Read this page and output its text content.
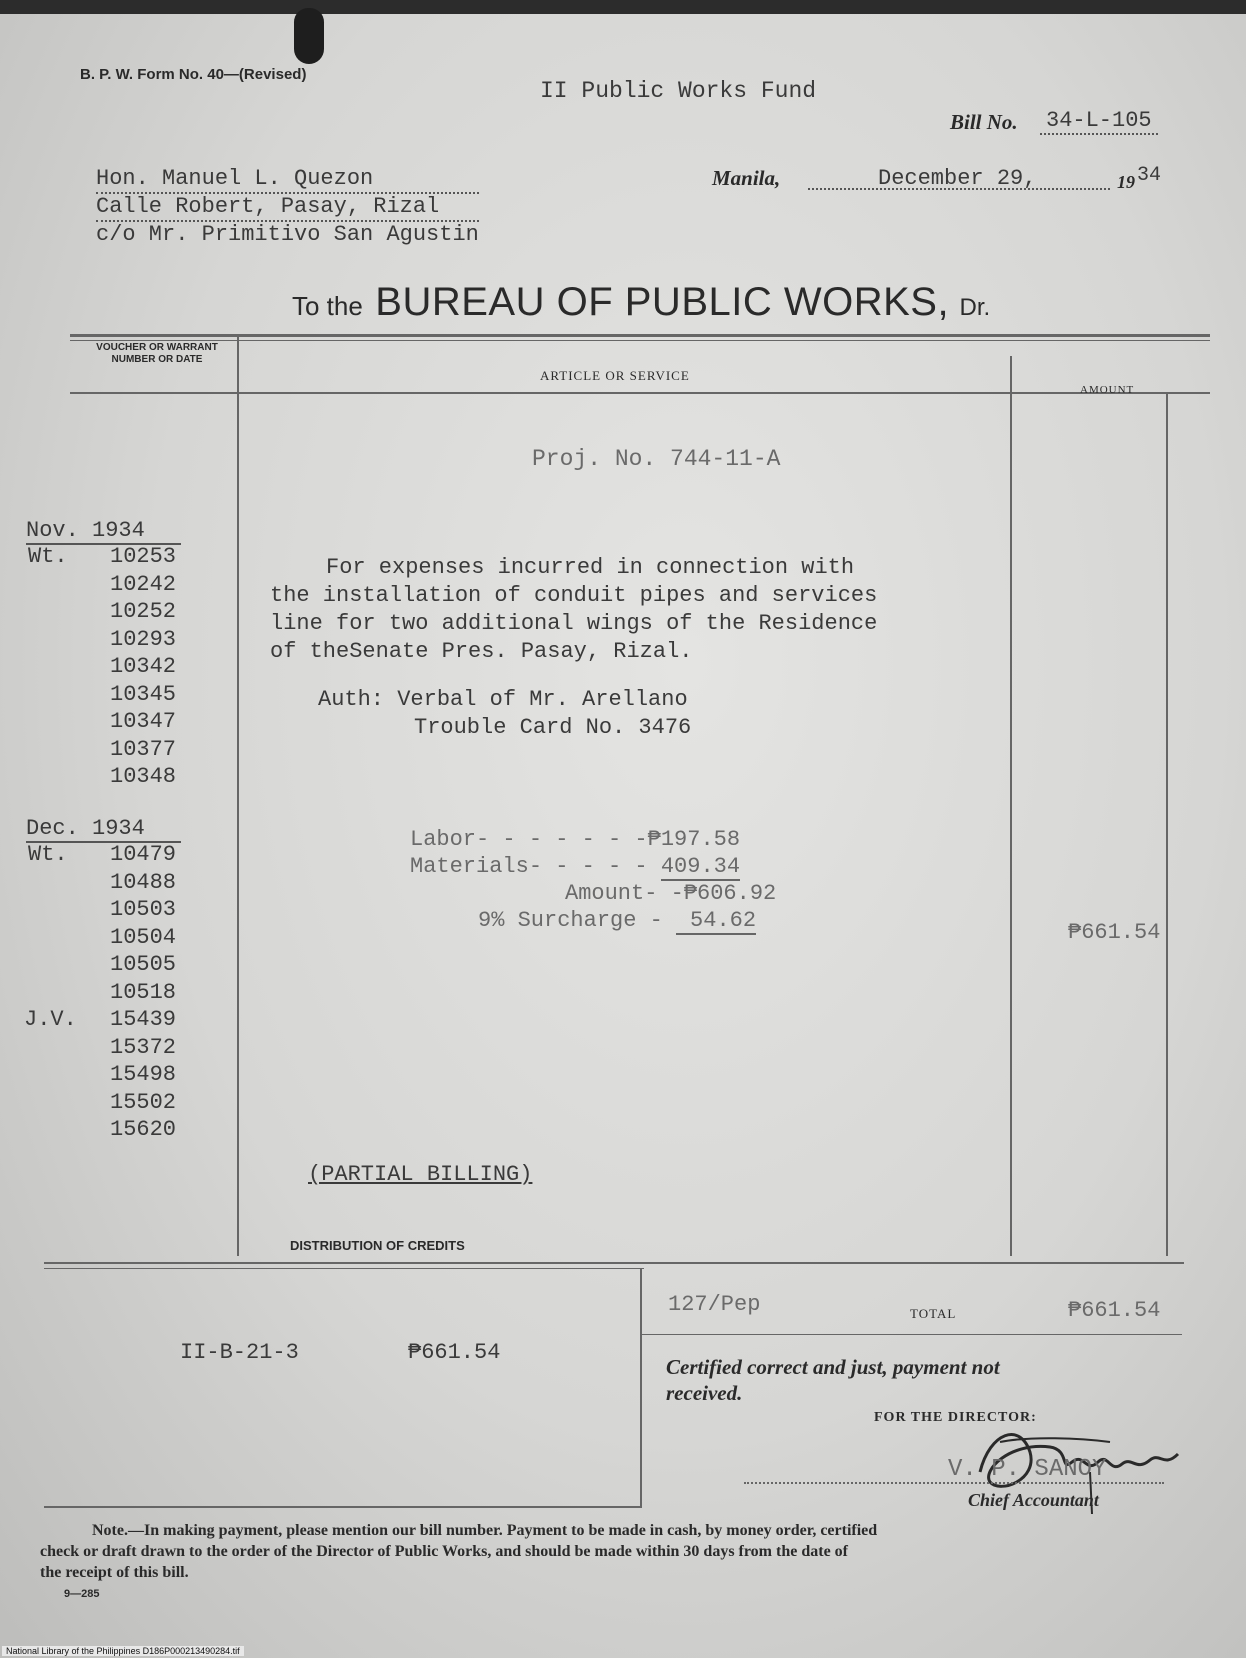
B. P. W. Form No. 40—(Revised)
II Public Works Fund
Bill No. 34-L-105
Manila,	December 29,	19 34
Hon. Manuel L. Quezon
Calle Robert, Pasay, Rizal
c/o Mr. Primitivo San Agustin
To the BUREAU OF PUBLIC WORKS, Dr.
VOUCHER OR WARRANT NUMBER OR DATE
ARTICLE OR SERVICE
AMOUNT
Proj. No. 744-11-A
Nov. 1934
Wt. 10253
10242
10252
10293
10342
10345
10347
10377
10348
Dec. 1934
Wt. 10479
10488
10503
10504
10505
10518
J.V. 15439
15372
15498
15502
15620
For expenses incurred in connection with
the installation of conduit pipes and services
line for two additional wings of the Residence
of theSenate Pres. Pasay, Rizal.
Auth: Verbal of Mr. Arellano
Trouble Card No. 3476
Labor- - - - - - -₱197.58
Materials- - - - - 409.34
Amount- -₱606.92
9% Surcharge - 54.62	₱661.54
(PARTIAL BILLING)
DISTRIBUTION OF CREDITS
II-B-21-3	₱661.54
127/Pep	TOTAL	₱661.54
Certified correct and just, payment not
received.
FOR THE DIRECTOR:
V. P. SANOY
Chief Accountant
Note.—In making payment, please mention our bill number. Payment to be made in cash, by money order, certified
check or draft drawn to the order of the Director of Public Works, and should be made within 30 days from the date of
the receipt of this bill.
9—285
National Library of the Philippines D186P000213490284.tif
